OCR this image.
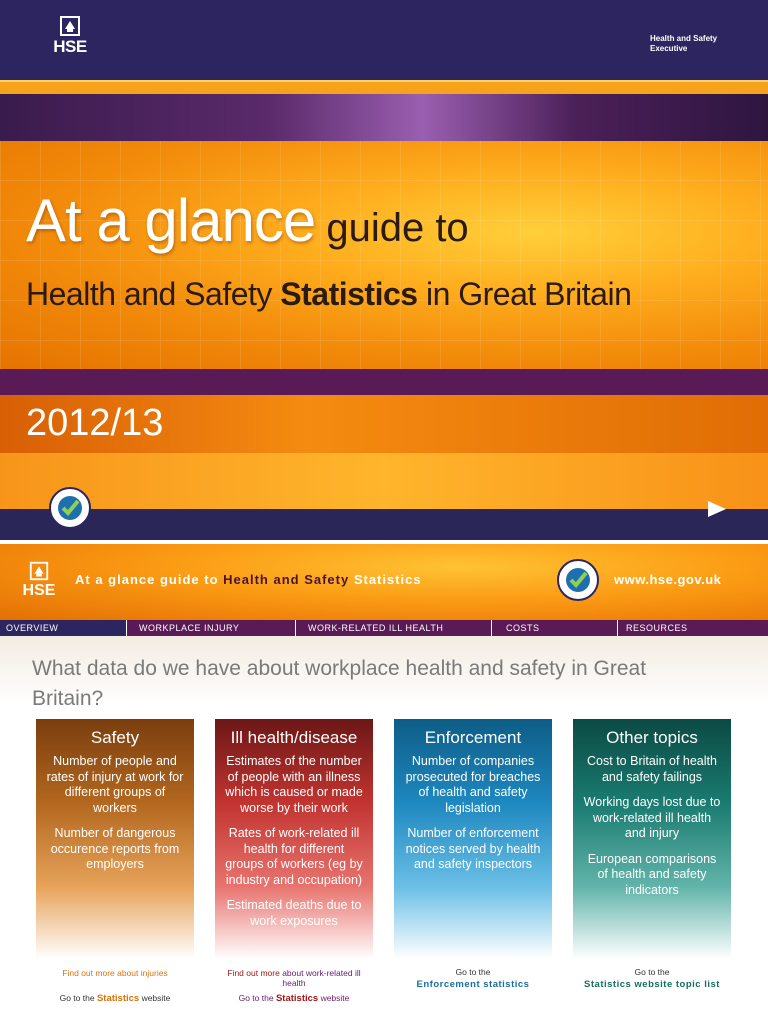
HSE	Health and Safety Executive
At a glance guide to
Health and Safety Statistics in Great Britain
2012/13
HSE
At a glance guide to Health and Safety Statistics	www.hse.gov.uk
OVERVIEW	WORKPLACE INJURY	WORK-RELATED ILL HEALTH	COSTS	RESOURCES
What data do we have about workplace health and safety in Great Britain?
Safety

Number of people and rates of injury at work for different groups of workers

Number of dangerous occurence reports from employers

Ill health/disease

Estimates of the number of people with an illness which is caused or made worse by their work

Rates of work-related ill health for different groups of workers (eg by industry and occupation)

Estimated deaths due to work exposures

Enforcement

Number of companies prosecuted for breaches of health and safety legislation

Number of enforcement notices served by health and safety inspectors

Other topics

Cost to Britain of health and safety failings

Working days lost due to work-related ill health and injury

European comparisons of health and safety indicators

Find out more about injuries
Go to the Statistics website
Find out more about work-related ill health
Go to the Statistics website
Go to the
Enforcement statistics
Go to the
Statistics website topic list
